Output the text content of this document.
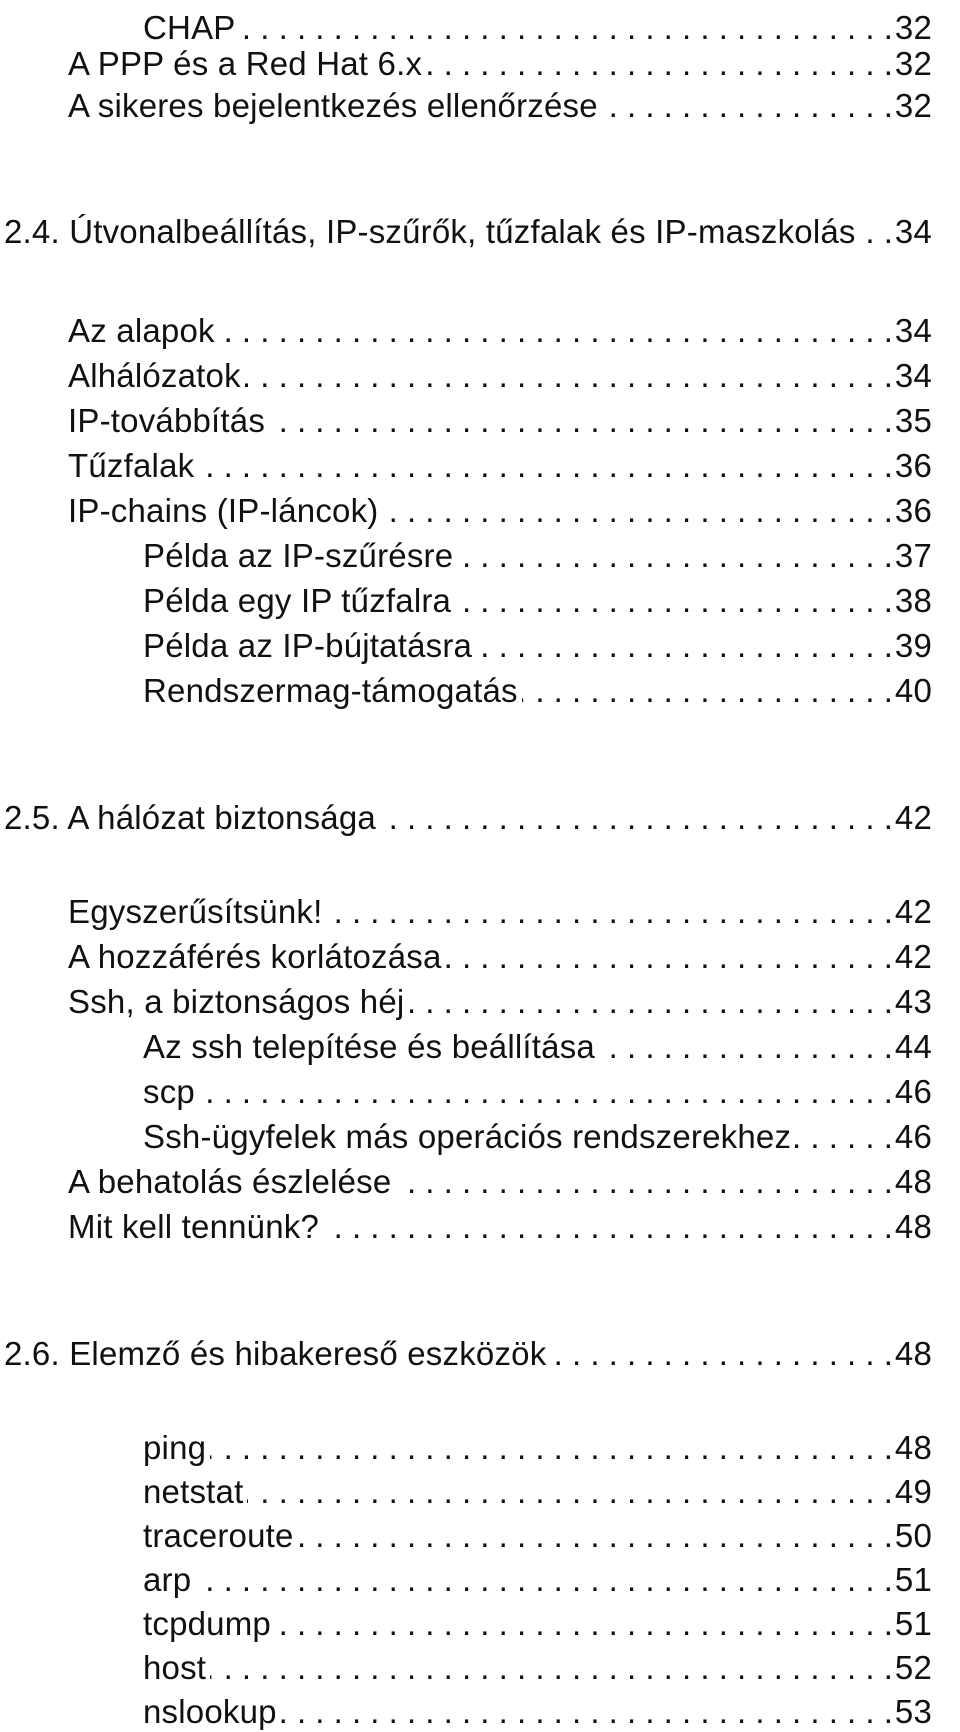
CHAP . . .	32
A PPP és a Red Hat 6.x . . .	32
A sikeres bejelentkezés ellenőrzése . . .	32
2.4. Útvonalbeállítás, IP-szűrők, tűzfalak és IP-maszkolás . . . 34
Az alapok . . .	34
Alhálózatok . . .	34
IP-továbbítás . . .	35
Tűzfalak . . .	36
IP-chains (IP-láncok) . . .	36
Példa az IP-szűrésre . . .	37
Példa egy IP tűzfalra . . .	38
Példa az IP-bújtatásra . . .	39
Rendszermag-támogatás . . .	40
2.5. A hálózat biztonsága . . .	42
Egyszerűsítsünk! . . .	42
A hozzáférés korlátozása . . .	42
Ssh, a biztonságos héj . . .	43
Az ssh telepítése és beállítása . . .	44
scp . . .	46
Ssh-ügyfelek más operációs rendszerekhez . . .	46
A behatolás észlelése . . .	48
Mit kell tennünk? . . .	48
2.6. Elemző és hibakereső eszközök . . .	48
ping . . .	48
netstat . . .	49
traceroute . . .	50
arp . . .	51
tcpdump . . .	51
host . . .	52
nslookup . . .	53
